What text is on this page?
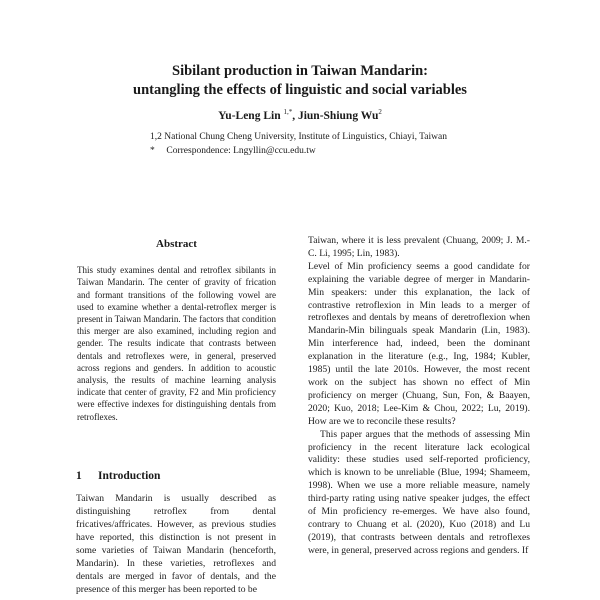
Sibilant production in Taiwan Mandarin:
untangling the effects of linguistic and social variables
Yu-Leng Lin $^{1,*}$, Jiun-Shiung Wu$^2$
1,2 National Chung Cheng University, Institute of Linguistics, Chiayi, Taiwan
* Correspondence: Lngyllin@ccu.edu.tw
Abstract

This study examines dental and retroflex sibilants in Taiwan Mandarin. The center of gravity of frication and formant transitions of the following vowel are used to examine whether a dental-retroflex merger is present in Taiwan Mandarin. The factors that condition this merger are also examined, including region and gender. The results indicate that contrasts between dentals and retroflexes were, in general, preserved across regions and genders. In addition to acoustic analysis, the results of machine learning analysis indicate that center of gravity, F2 and Min proficiency were effective indexes for distinguishing dentals from retroflexes.

1 Introduction

Taiwan Mandarin is usually described as distinguishing retroflex from dental fricatives/affricates. However, as previous studies have reported, this distinction is not present in some varieties of Taiwan Mandarin (henceforth, Mandarin). In these varieties, retroflexes and dentals are merged in favor of dentals, and the presence of this merger has been reported to be

Taiwan, where it is less prevalent (Chuang, 2009; J. M.-C. Li, 1995; Lin, 1983).

Level of Min proficiency seems a good candidate for explaining the variable degree of merger in Mandarin-Min speakers: under this explanation, the lack of contrastive retroflexion in Min leads to a merger of retroflexes and dentals by means of deretroflexion when Mandarin-Min bilinguals speak Mandarin (Lin, 1983). Min interference had, indeed, been the dominant explanation in the literature (e.g., Ing, 1984; Kubler, 1985) until the late 2010s. However, the most recent work on the subject has shown no effect of Min proficiency on merger (Chuang, Sun, Fon, & Baayen, 2020; Kuo, 2018; Lee-Kim & Chou, 2022; Lu, 2019). How are we to reconcile these results?

This paper argues that the methods of assessing Min proficiency in the recent literature lack ecological validity: these studies used self-reported proficiency, which is known to be unreliable (Blue, 1994; Shameem, 1998). When we use a more reliable measure, namely third-party rating using native speaker judges, the effect of Min proficiency re-emerges. We have also found, contrary to Chuang et al. (2020), Kuo (2018) and Lu (2019), that contrasts between dentals and retroflexes were, in general, preserved across regions and genders. If
